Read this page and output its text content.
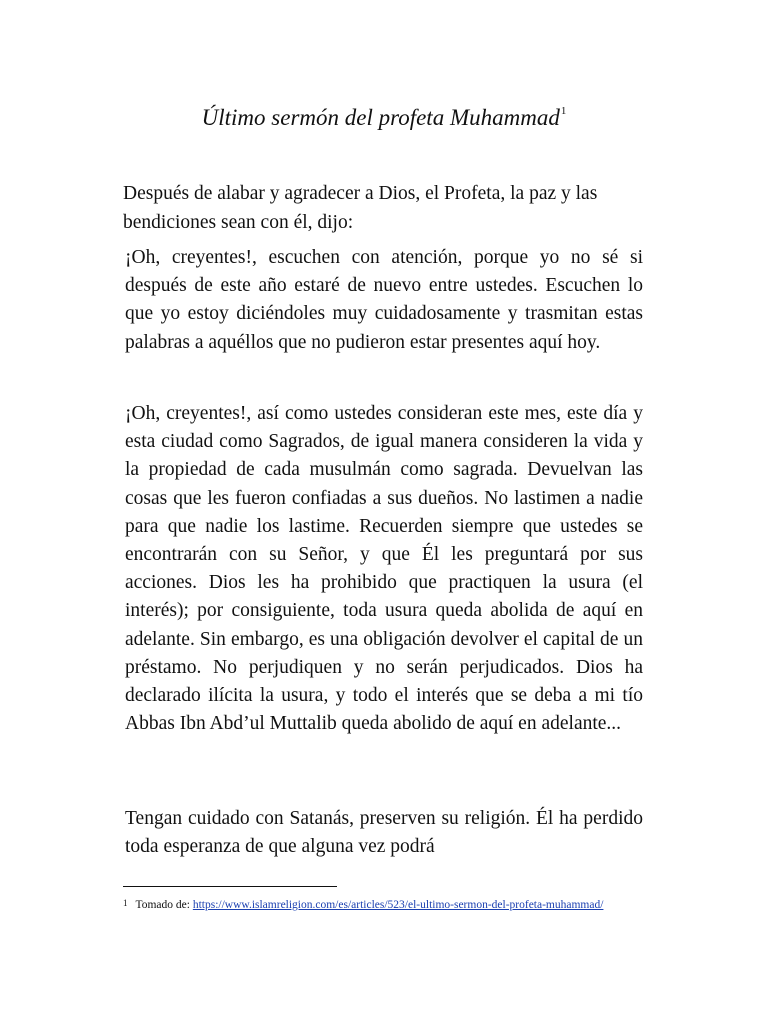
Último sermón del profeta Muhammad$^1$

Después de alabar y agradecer a Dios, el Profeta, la paz y las bendiciones sean con él, dijo:

¡Oh, creyentes!, escuchen con atención, porque yo no sé si después de este año estaré de nuevo entre ustedes. Escuchen lo que yo estoy diciéndoles muy cuidadosamente y trasmitan estas palabras a aquéllos que no pudieron estar presentes aquí hoy.

¡Oh, creyentes!, así como ustedes consideran este mes, este día y esta ciudad como Sagrados, de igual manera consideren la vida y la propiedad de cada musulmán como sagrada. Devuelvan las cosas que les fueron confiadas a sus dueños. No lastimen a nadie para que nadie los lastime. Recuerden siempre que ustedes se encontrarán con su Señor, y que Él les preguntará por sus acciones. Dios les ha prohibido que practiquen la usura (el interés); por consiguiente, toda usura queda abolida de aquí en adelante. Sin embargo, es una obligación devolver el capital de un préstamo. No perjudiquen y no serán perjudicados. Dios ha declarado ilícita la usura, y todo el interés que se deba a mi tío Abbas Ibn Abd’ul Muttalib queda abolido de aquí en adelante...

Tengan cuidado con Satanás, preserven su religión. Él ha perdido toda esperanza de que alguna vez podrá

1 Tomado de: https://www.islamreligion.com/es/articles/523/el-ultimo-sermon-del-profeta-muhammad/
